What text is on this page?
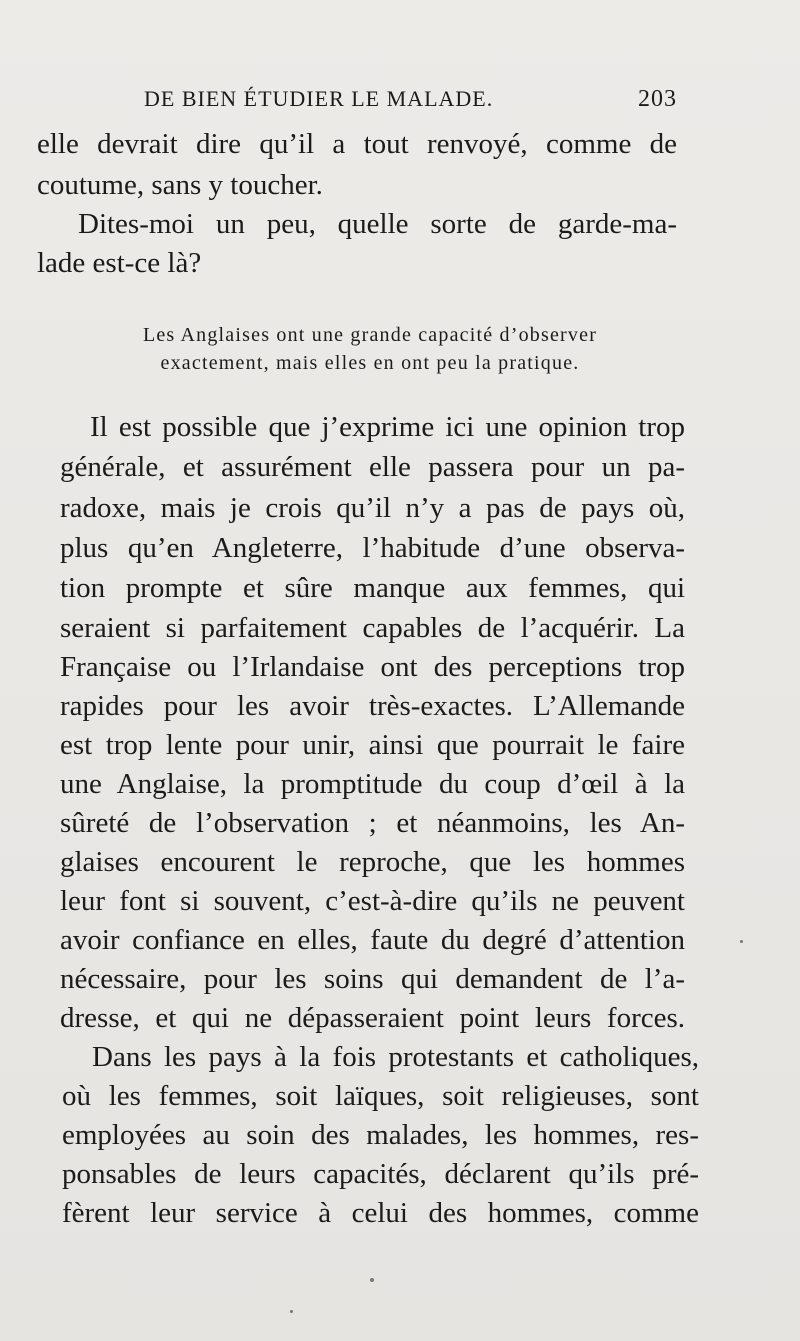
DE BIEN ÉTUDIER LE MALADE.	203
elle devrait dire qu’il a tout renvoyé, comme de
coutume, sans y toucher.
Dites-moi un peu, quelle sorte de garde-ma-
lade est-ce là?
Les Anglaises ont une grande capacité d’observer
exactement, mais elles en ont peu la pratique.
Il est possible que j’exprime ici une opinion trop
générale, et assurément elle passera pour un pa-
radoxe, mais je crois qu’il n’y a pas de pays où,
plus qu’en Angleterre, l’habitude d’une observa-
tion prompte et sûre manque aux femmes, qui
seraient si parfaitement capables de l’acquérir. La
Française ou l’Irlandaise ont des perceptions trop
rapides pour les avoir très-exactes. L’Allemande
est trop lente pour unir, ainsi que pourrait le faire
une Anglaise, la promptitude du coup d’œil à la
sûreté de l’observation ; et néanmoins, les An-
glaises encourent le reproche, que les hommes
leur font si souvent, c’est-à-dire qu’ils ne peuvent
avoir confiance en elles, faute du degré d’attention
nécessaire, pour les soins qui demandent de l’a-
dresse, et qui ne dépasseraient point leurs forces.
Dans les pays à la fois protestants et catholiques,
où les femmes, soit laïques, soit religieuses, sont
employées au soin des malades, les hommes, res-
ponsables de leurs capacités, déclarent qu’ils pré-
fèrent leur service à celui des hommes, comme
